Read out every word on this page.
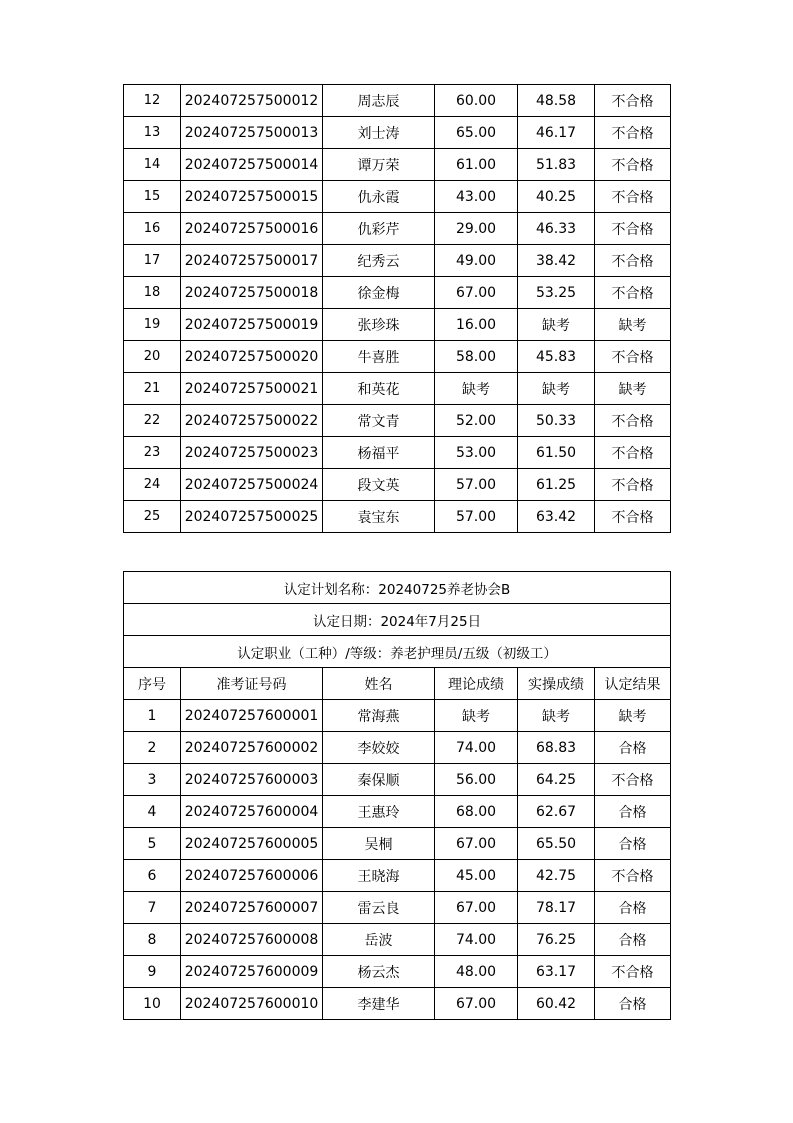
12	202407257500012	周志辰	60.00	48.58	不合格
13	202407257500013	刘士涛	65.00	46.17	不合格
14	202407257500014	谭万荣	61.00	51.83	不合格
15	202407257500015	仇永霞	43.00	40.25	不合格
16	202407257500016	仇彩芹	29.00	46.33	不合格
17	202407257500017	纪秀云	49.00	38.42	不合格
18	202407257500018	徐金梅	67.00	53.25	不合格
19	202407257500019	张珍珠	16.00	缺考	缺考
20	202407257500020	牛喜胜	58.00	45.83	不合格
21	202407257500021	和英花	缺考	缺考	缺考
22	202407257500022	常文青	52.00	50.33	不合格
23	202407257500023	杨福平	53.00	61.50	不合格
24	202407257500024	段文英	57.00	61.25	不合格
25	202407257500025	袁宝东	57.00	63.42	不合格
认定计划名称：20240725养老协会B					
认定日期：2024年7月25日					
认定职业（工种）/等级：养老护理员/五级（初级工）					
序号	准考证号码	姓名	理论成绩	实操成绩	认定结果
1	202407257600001	常海燕	缺考	缺考	缺考
2	202407257600002	李姣姣	74.00	68.83	合格
3	202407257600003	秦保顺	56.00	64.25	不合格
4	202407257600004	王惠玲	68.00	62.67	合格
5	202407257600005	吴桐	67.00	65.50	合格
6	202407257600006	王晓海	45.00	42.75	不合格
7	202407257600007	雷云良	67.00	78.17	合格
8	202407257600008	岳波	74.00	76.25	合格
9	202407257600009	杨云杰	48.00	63.17	不合格
10	202407257600010	李建华	67.00	60.42	合格
